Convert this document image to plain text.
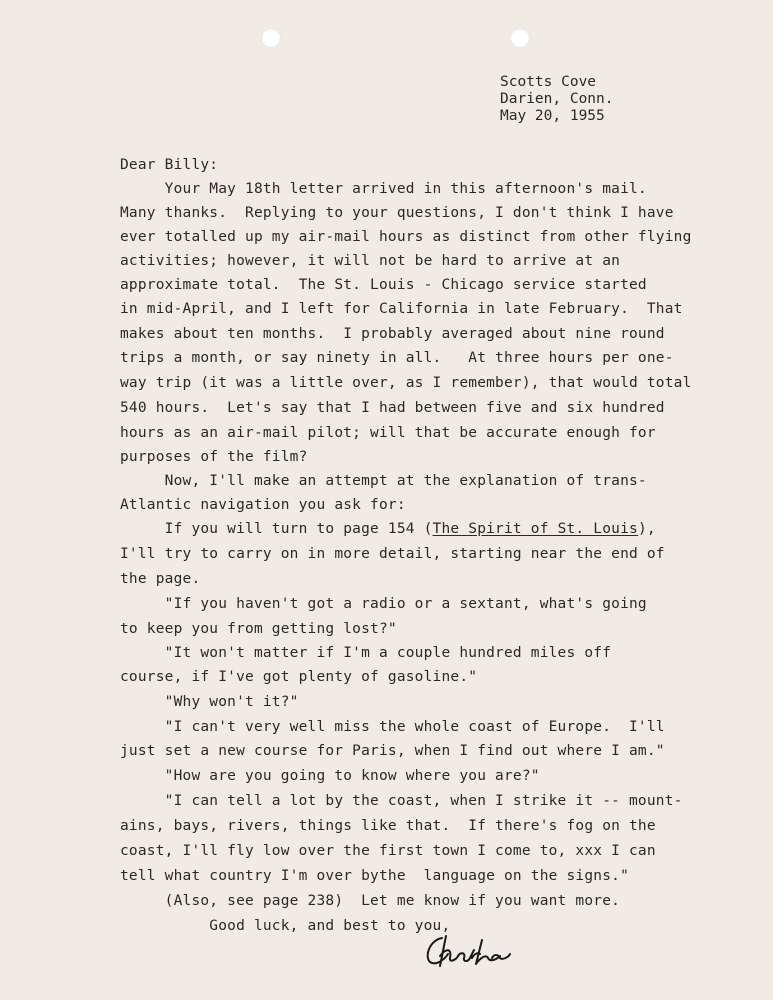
Scotts Cove
Darien, Conn.
May 20, 1955
Dear Billy:
Your May 18th letter arrived in this afternoon's mail.
Many thanks.  Replying to your questions, I don't think I have
ever totalled up my air-mail hours as distinct from other flying
activities; however, it will not be hard to arrive at an
approximate total.  The St. Louis - Chicago service started
in mid-April, and I left for California in late February.  That
makes about ten months.  I probably averaged about nine round
trips a month, or say ninety in all.   At three hours per one-
way trip (it was a little over, as I remember), that would total
540 hours.  Let's say that I had between five and six hundred
hours as an air-mail pilot; will that be accurate enough for
purposes of the film?
Now, I'll make an attempt at the explanation of trans-
Atlantic navigation you ask for:
If you will turn to page 154 (The Spirit of St. Louis),
I'll try to carry on in more detail, starting near the end of
the page.
"If you haven't got a radio or a sextant, what's going
to keep you from getting lost?"
"It won't matter if I'm a couple hundred miles off
course, if I've got plenty of gasoline."
"Why won't it?"
"I can't very well miss the whole coast of Europe.  I'll
just set a new course for Paris, when I find out where I am."
"How are you going to know where you are?"
"I can tell a lot by the coast, when I strike it -- mount-
ains, bays, rivers, things like that.  If there's fog on the
coast, I'll fly low over the first town I come to, xxx I can
tell what country I'm over bythe  language on the signs."
(Also, see page 238)  Let me know if you want more.
Good luck, and best to you,
